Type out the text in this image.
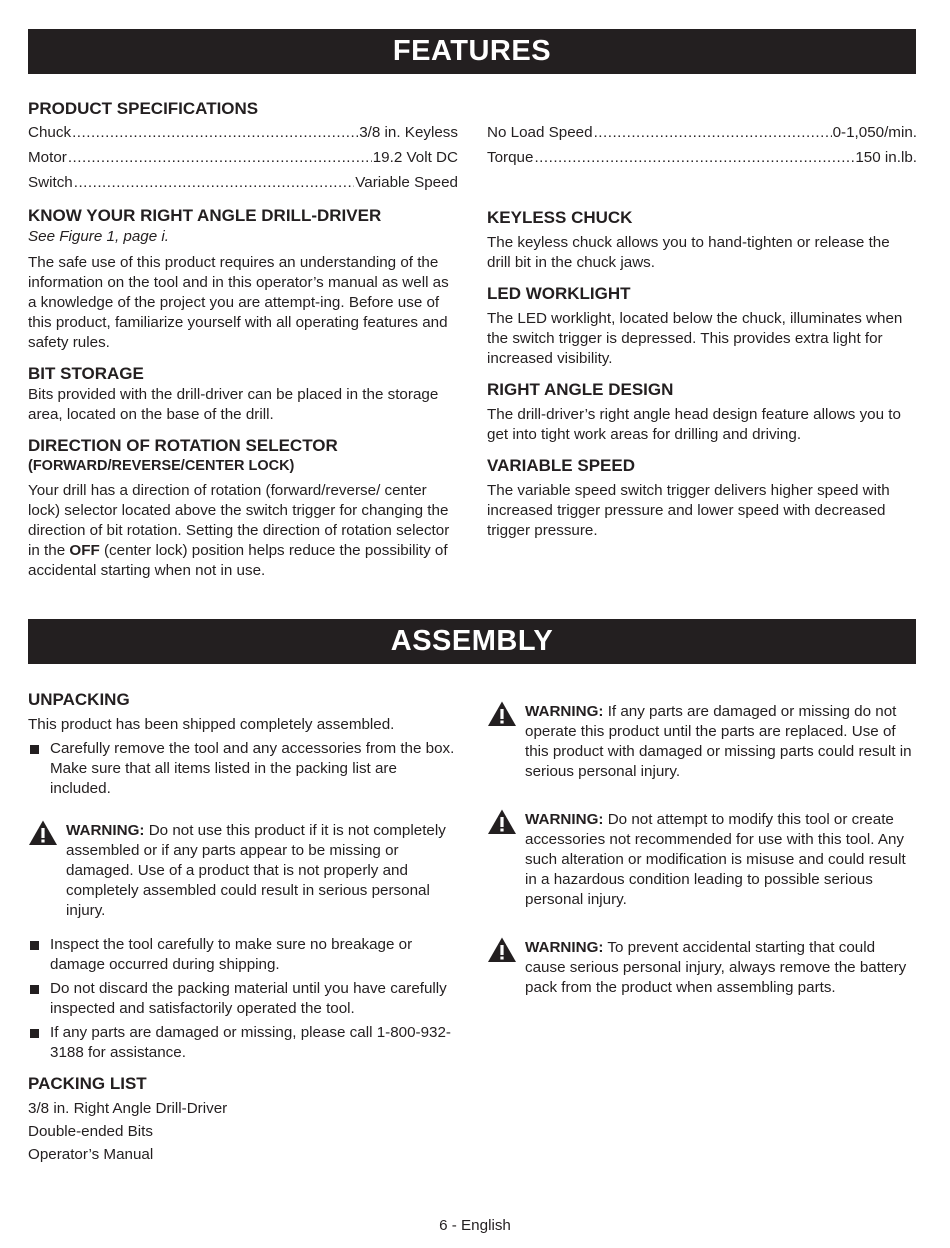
FEATURES
PRODUCT SPECIFICATIONS
Chuck .....	3/8 in. Keyless
Motor .....	19.2 Volt DC
Switch .....	Variable Speed
KNOW YOUR RIGHT ANGLE DRILL-DRIVER

See Figure 1, page i.

The safe use of this product requires an understanding of the information on the tool and in this operator’s manual as well as a knowledge of the project you are attempt-ing. Before use of this product, familiarize yourself with all operating features and safety rules.

BIT STORAGE

Bits provided with the drill-driver can be placed in the storage area, located on the base of the drill.

DIRECTION OF ROTATION SELECTOR
(FORWARD/REVERSE/CENTER LOCK)

Your drill has a direction of rotation (forward/reverse/ center lock) selector located above the switch trigger for changing the direction of bit rotation. Setting the direction of rotation selector in the OFF (center lock) position helps reduce the possibility of accidental starting when not in use.

No Load Speed .....	0-1,050/min.
Torque .....	150 in.lb.
KEYLESS CHUCK

The keyless chuck allows you to hand-tighten or release the drill bit in the chuck jaws.

LED WORKLIGHT

The LED worklight, located below the chuck, illuminates when the switch trigger is depressed. This provides extra light for increased visibility.

RIGHT ANGLE DESIGN

The drill-driver’s right angle head design feature allows you to get into tight work areas for drilling and driving.

VARIABLE SPEED

The variable speed switch trigger delivers higher speed with increased trigger pressure and lower speed with decreased trigger pressure.

ASSEMBLY
UNPACKING

This product has been shipped completely assembled.

Carefully remove the tool and any accessories from the box. Make sure that all items listed in the packing list are included.
WARNING: Do not use this product if it is not completely assembled or if any parts appear to be missing or damaged. Use of a product that is not properly and completely assembled could result in serious personal injury.
Inspect the tool carefully to make sure no breakage or damage occurred during shipping.
Do not discard the packing material until you have carefully inspected and satisfactorily operated the tool.
If any parts are damaged or missing, please call 1-800-932-3188 for assistance.
PACKING LIST

3/8 in. Right Angle Drill-Driver

Double-ended Bits

Operator’s Manual

WARNING: If any parts are damaged or missing do not operate this product until the parts are replaced. Use of this product with damaged or missing parts could result in serious personal injury.
WARNING: Do not attempt to modify this tool or create accessories not recommended for use with this tool. Any such alteration or modification is misuse and could result in a hazardous condition leading to possible serious personal injury.
WARNING: To prevent accidental starting that could cause serious personal injury, always remove the battery pack from the product when assembling parts.
6 - English
